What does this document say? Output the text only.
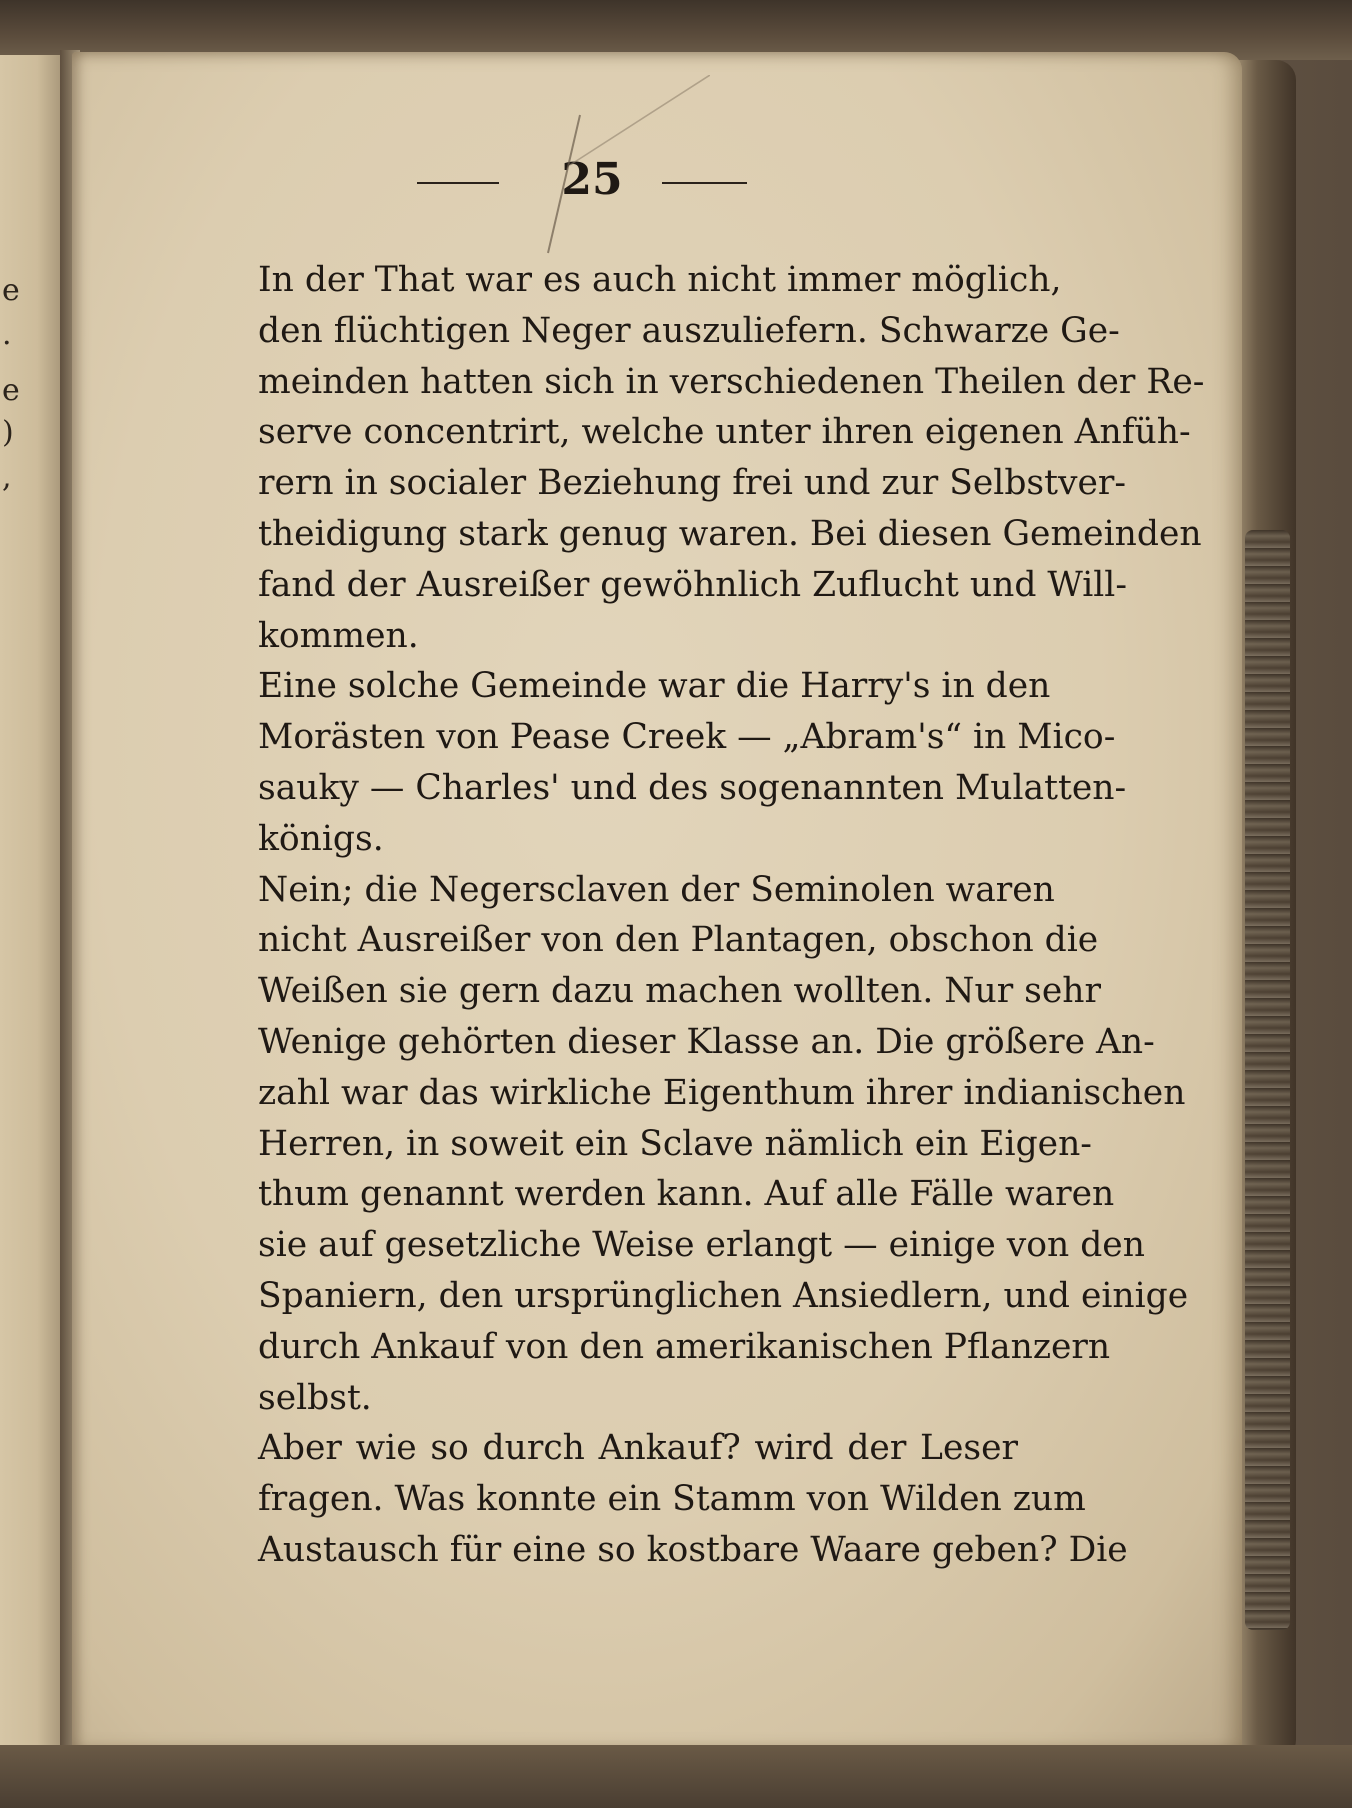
e
.
e
)
,
25

In der That war es auch nicht immer möglich,
den flüchtigen Neger auszuliefern. Schwarze Ge-
meinden hatten sich in verschiedenen Theilen der Re-
serve concentrirt, welche unter ihren eigenen Anfüh-
rern in socialer Beziehung frei und zur Selbstver-
theidigung stark genug waren. Bei diesen Gemeinden
fand der Ausreißer gewöhnlich Zuflucht und Will-
kommen.

Eine solche Gemeinde war die Harry's in den
Morästen von Pease Creek — „Abram's“ in Mico-
sauky — Charles' und des sogenannten Mulatten-
königs.

Nein; die Negersclaven der Seminolen waren
nicht Ausreißer von den Plantagen, obschon die
Weißen sie gern dazu machen wollten. Nur sehr
Wenige gehörten dieser Klasse an. Die größere An-
zahl war das wirkliche Eigenthum ihrer indianischen
Herren, in soweit ein Sclave nämlich ein Eigen-
thum genannt werden kann. Auf alle Fälle waren
sie auf gesetzliche Weise erlangt — einige von den
Spaniern, den ursprünglichen Ansiedlern, und einige
durch Ankauf von den amerikanischen Pflanzern
selbst.

Aber wie so durch Ankauf? wird der Leser
fragen. Was konnte ein Stamm von Wilden zum
Austausch für eine so kostbare Waare geben? Die
